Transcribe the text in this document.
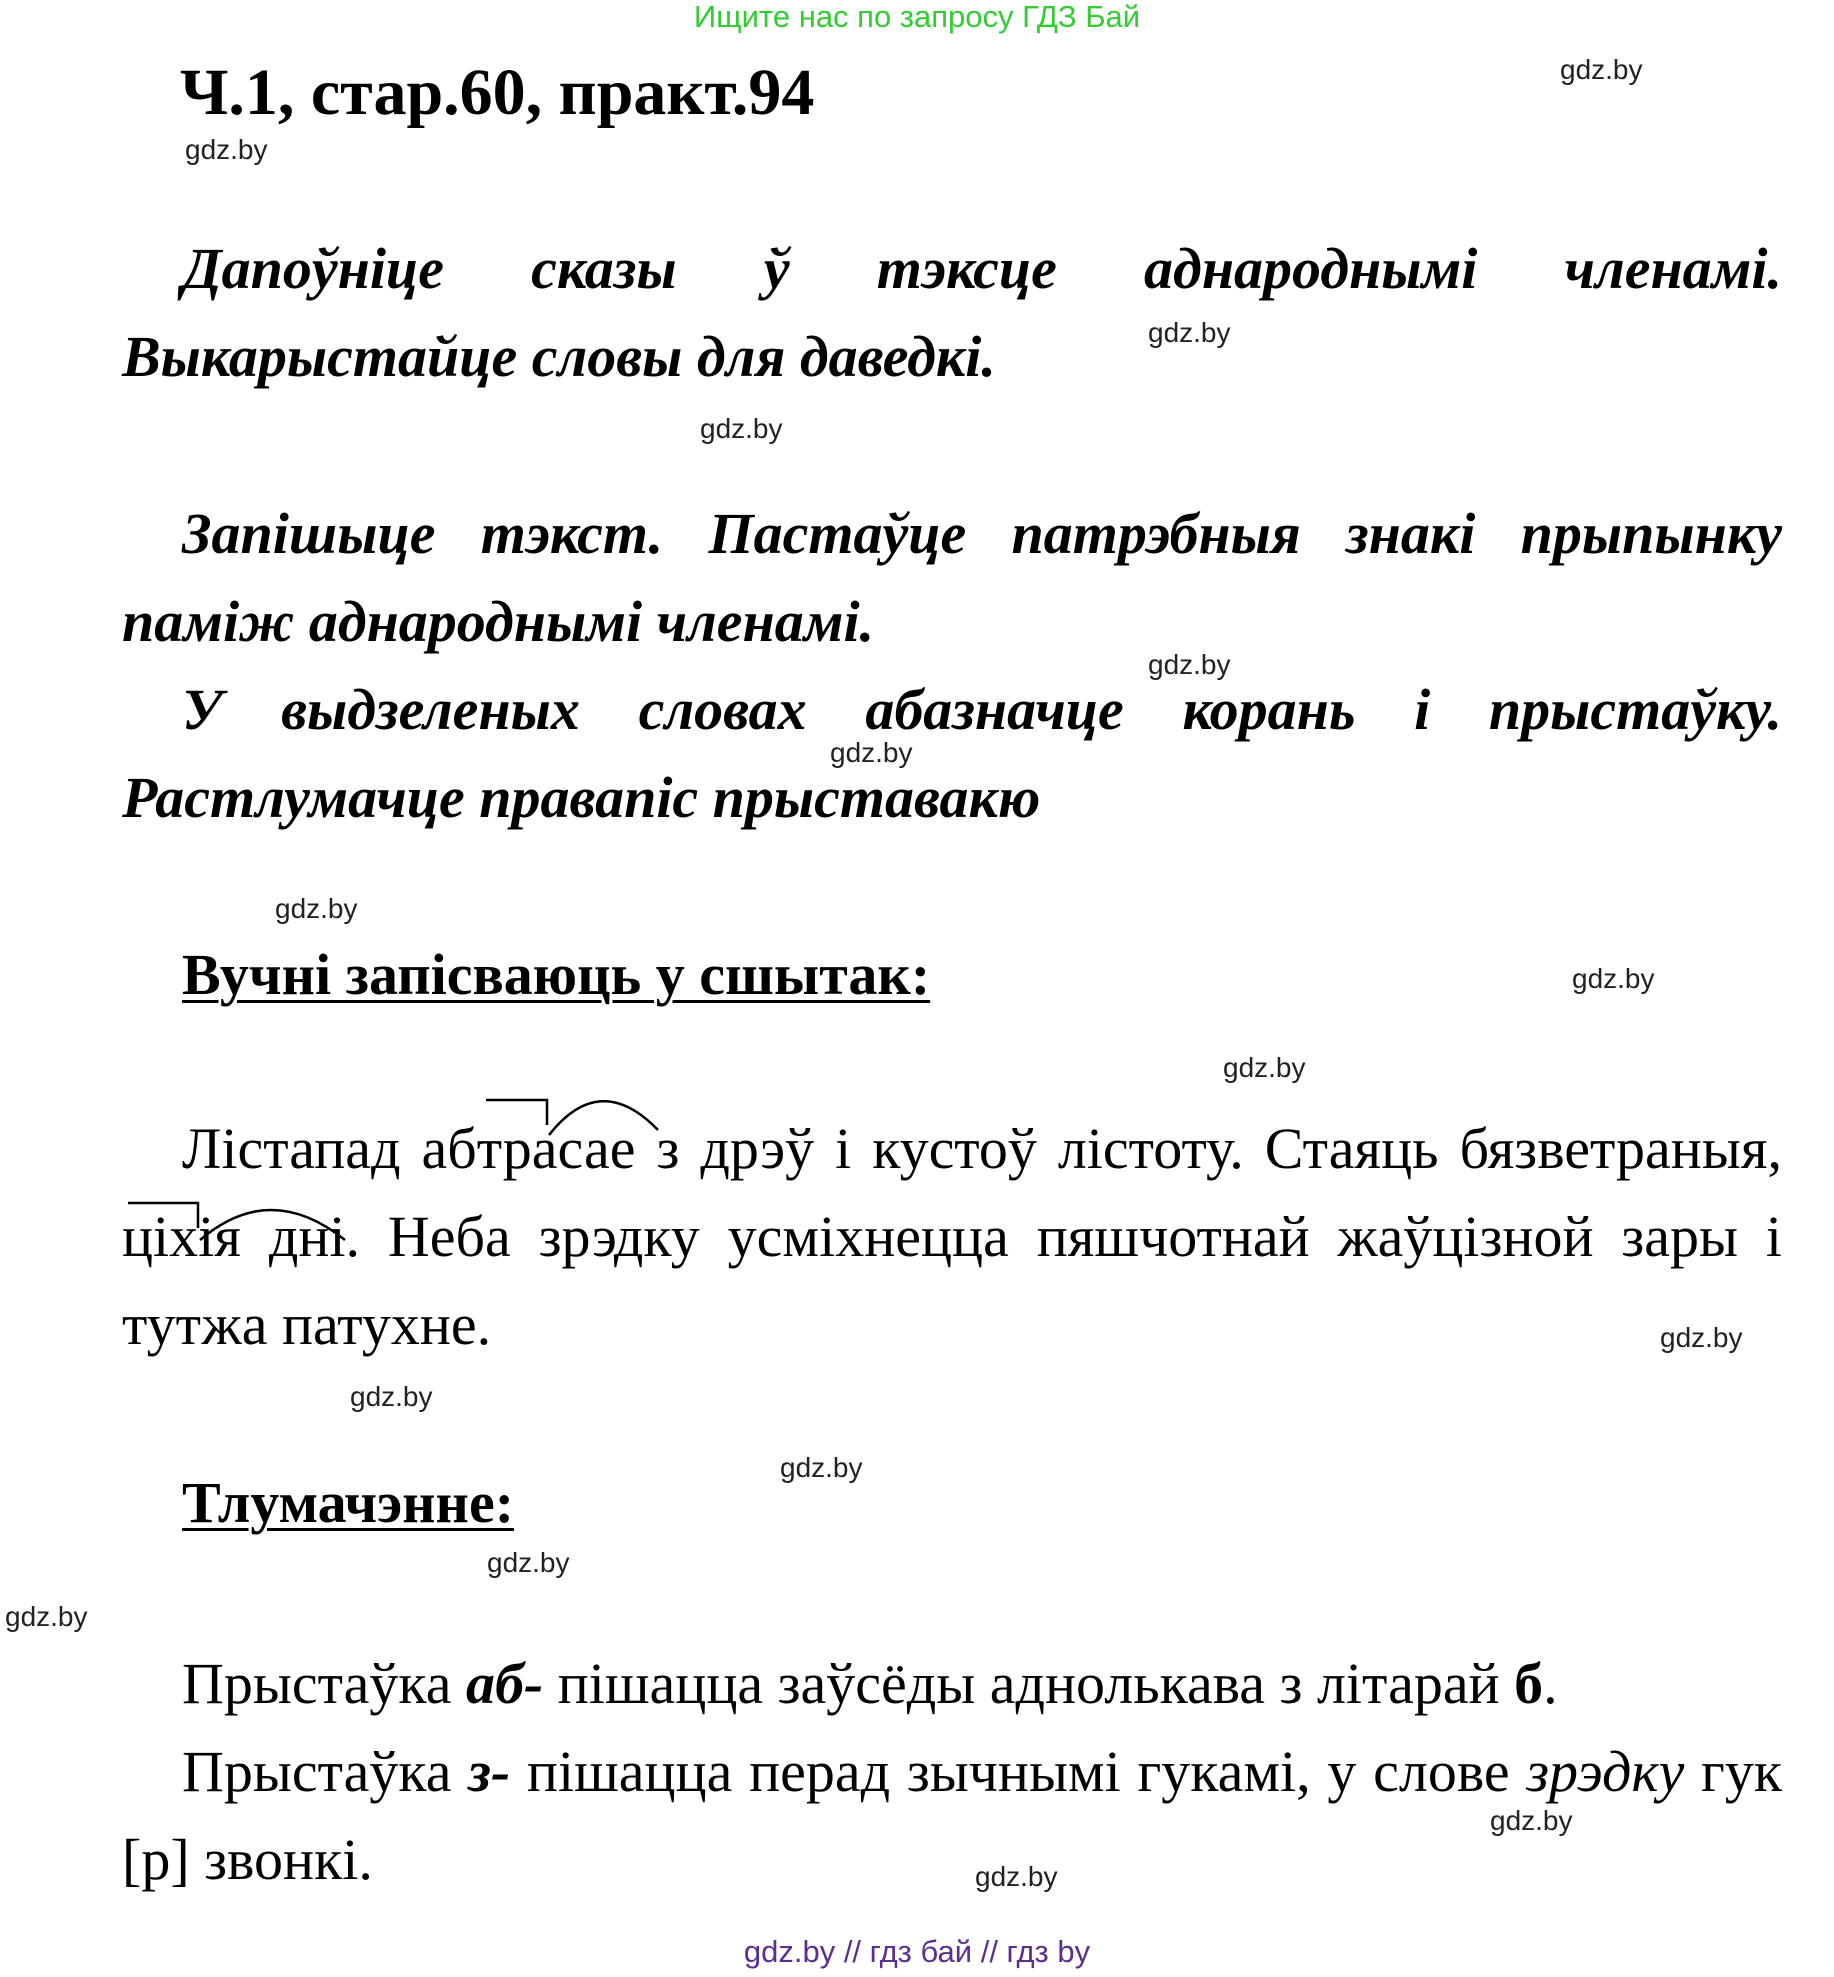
Ищите нас по запросу ГДЗ Бай
Ч.1, стар.60, практ.94	gdz.by
gdz.by
gdz.by
gdz.by
gdz.by
gdz.by
gdz.by
gdz.by
gdz.by
gdz.by
gdz.by
gdz.by
gdz.by
gdz.by
gdz.by
gdz.by

Дапоўніце сказы ў тэксце аднароднымі членамі. Выкарыстайце словы для даведкі.

Запішыце тэкст. Пастаўце патрэбныя знакі прыпынку паміж аднароднымі членамі.

У выдзеленых словах абазначце корань і прыстаўку. Растлумачце правапіс прыставакю

Вучні запісваюць у сшытак:

Лістапад абтрасае з дрэў і кустоў лістоту. Стаяць бязветраныя, ціхія дні. Неба зрэдку усміхнецца пяшчотнай жаўцізной зары і тутжа патухне.

Тлумачэнне:

Прыстаўка аб- пішацца заўсёды аднолькава з літарай б.

Прыстаўка з- пішацца перад зычнымі гукамі, у слове зрэдку гук [р] звонкі.

gdz.by // гдз бай // гдз by
